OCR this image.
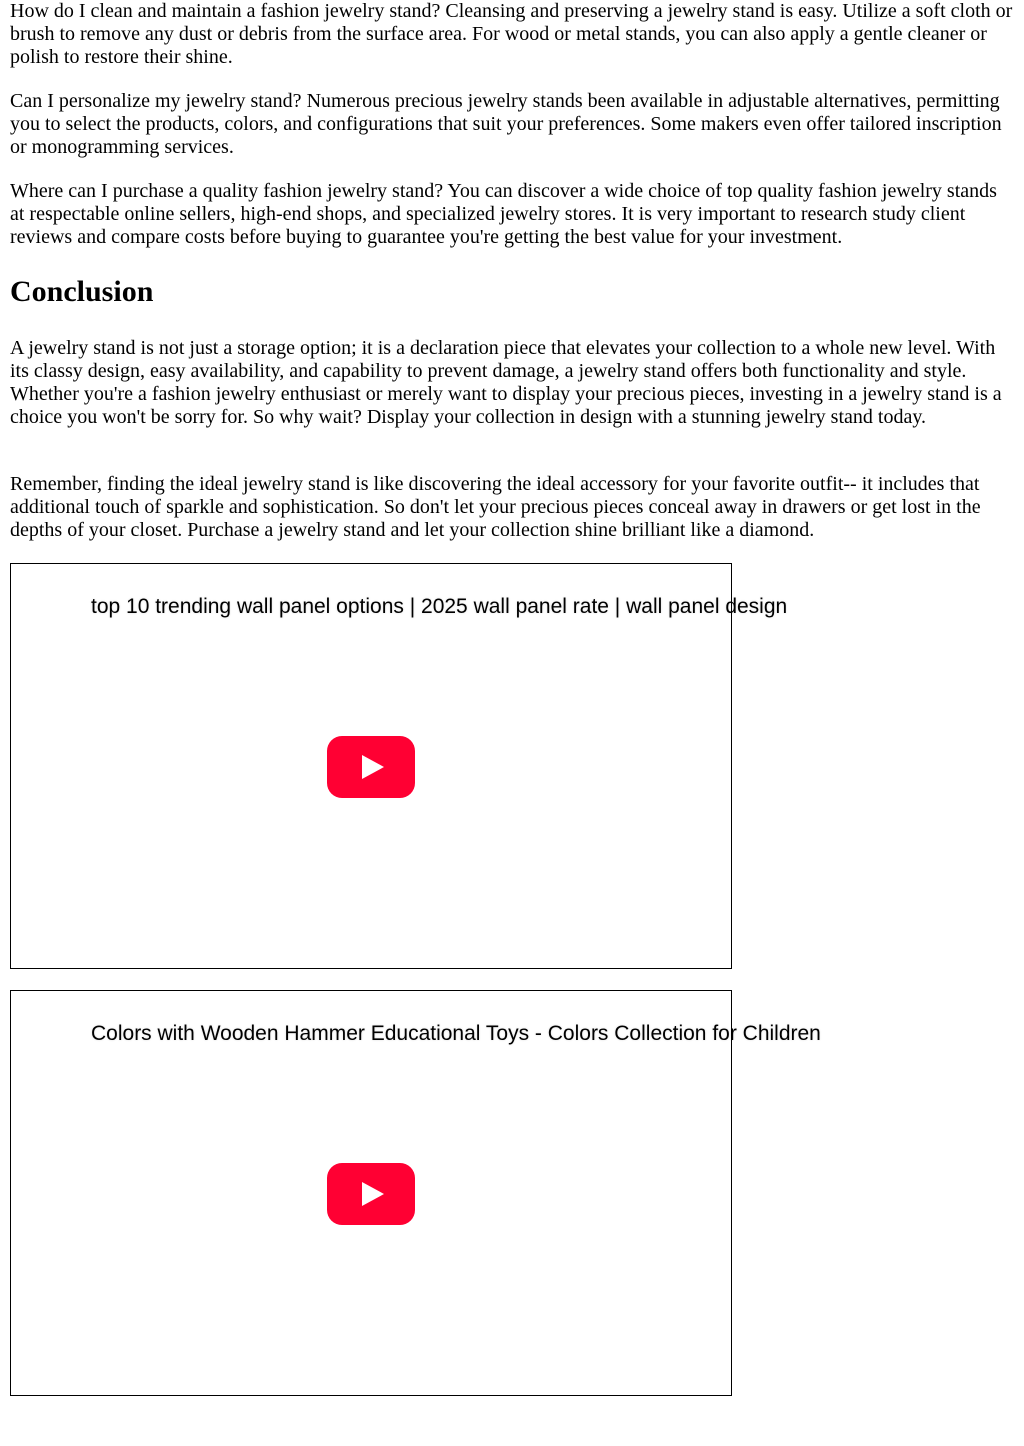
How do I clean and maintain a fashion jewelry stand? Cleansing and preserving a jewelry stand is easy. Utilize a soft cloth or brush to remove any dust or debris from the surface area. For wood or metal stands, you can also apply a gentle cleaner or polish to restore their shine.

Can I personalize my jewelry stand? Numerous precious jewelry stands been available in adjustable alternatives, permitting you to select the products, colors, and configurations that suit your preferences. Some makers even offer tailored inscription or monogramming services.

Where can I purchase a quality fashion jewelry stand? You can discover a wide choice of top quality fashion jewelry stands at respectable online sellers, high-end shops, and specialized jewelry stores. It is very important to research study client reviews and compare costs before buying to guarantee you're getting the best value for your investment.

Conclusion

A jewelry stand is not just a storage option; it is a declaration piece that elevates your collection to a whole new level. With its classy design, easy availability, and capability to prevent damage, a jewelry stand offers both functionality and style. Whether you're a fashion jewelry enthusiast or merely want to display your precious pieces, investing in a jewelry stand is a choice you won't be sorry for. So why wait? Display your collection in design with a stunning jewelry stand today.

Remember, finding the ideal jewelry stand is like discovering the ideal accessory for your favorite outfit-- it includes that additional touch of sparkle and sophistication. So don't let your precious pieces conceal away in drawers or get lost in the depths of your closet. Purchase a jewelry stand and let your collection shine brilliant like a diamond.

top 10 trending wall panel options | 2025 wall panel rate | wall panel design
Colors with Wooden Hammer Educational Toys - Colors Collection for Children
